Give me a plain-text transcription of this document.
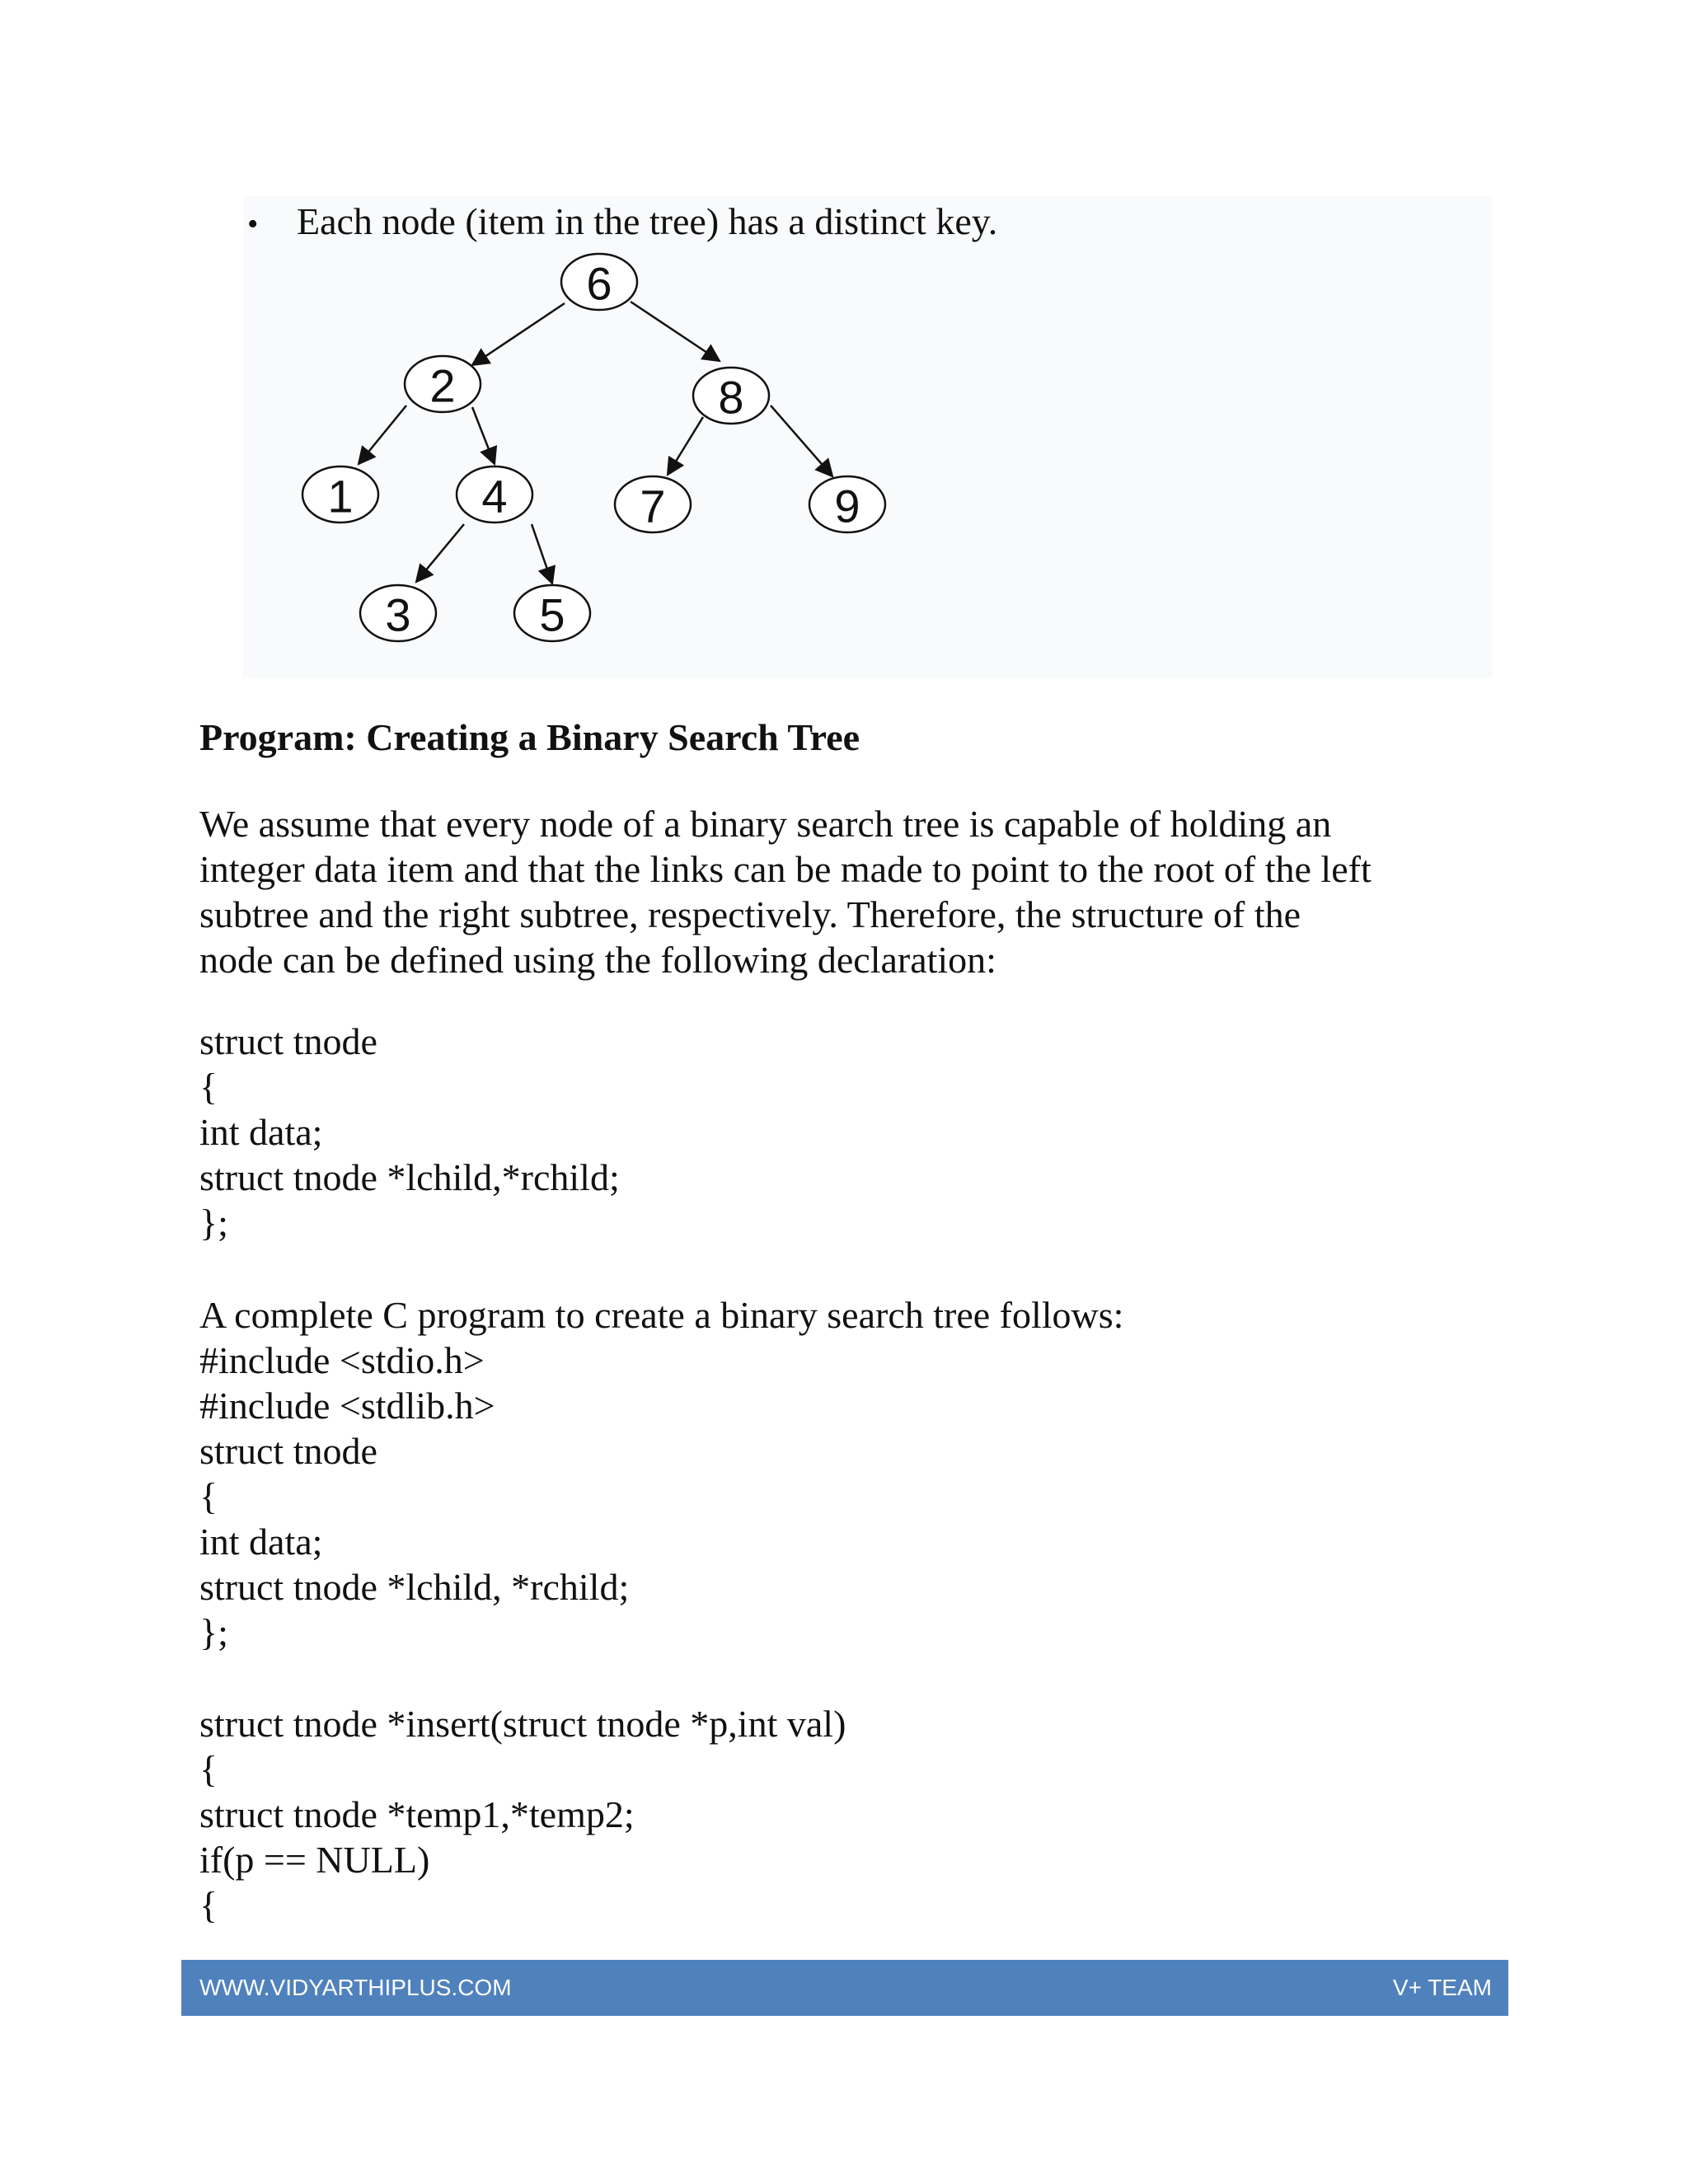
6
2	8
1	4	7	9
3	5
• Each node (item in the tree) has a distinct key.
Program: Creating a Binary Search Tree
We assume that every node of a binary search tree is capable of holding an
integer data item and that the links can be made to point to the root of the left
subtree and the right subtree, respectively. Therefore, the structure of the
node can be defined using the following declaration:
struct tnode
{
int data;
struct tnode *lchild,*rchild;
};
A complete C program to create a binary search tree follows:
#include <stdio.h>
#include <stdlib.h>
struct tnode
{
int data;
struct tnode *lchild, *rchild;
};
struct tnode *insert(struct tnode *p,int val)
{
struct tnode *temp1,*temp2;
if(p == NULL)
{
WWW.VIDYARTHIPLUS.COM	V+ TEAM
